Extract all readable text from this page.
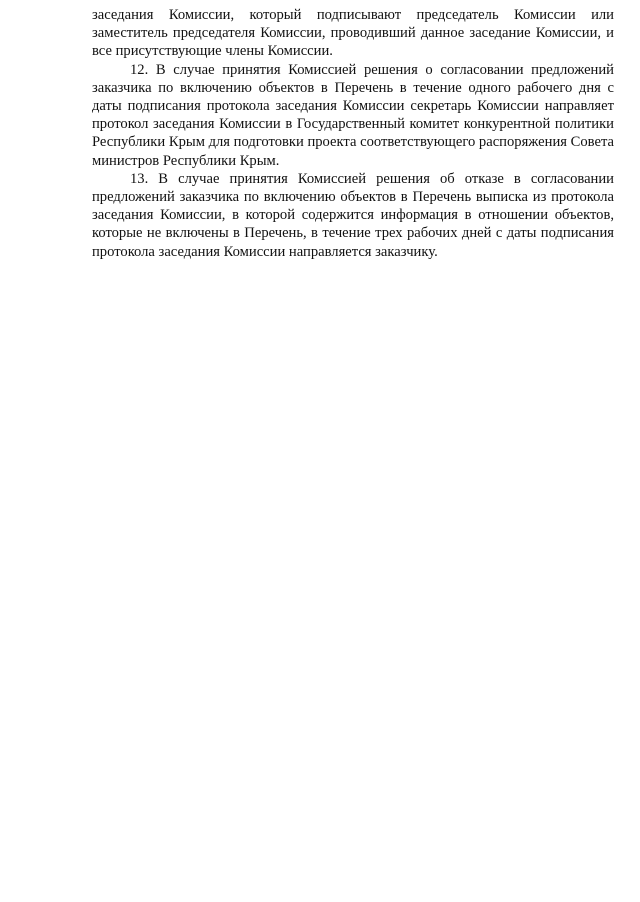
заседания Комиссии, который подписывают председатель Комиссии или заместитель председателя Комиссии, проводивший данное заседание Комиссии, и все присутствующие члены Комиссии.

12. В случае принятия Комиссией решения о согласовании предложений заказчика по включению объектов в Перечень в течение одного рабочего дня с даты подписания протокола заседания Комиссии секретарь Комиссии направляет протокол заседания Комиссии в Государственный комитет конкурентной политики Республики Крым для подготовки проекта соответствующего распоряжения Совета министров Республики Крым.

13. В случае принятия Комиссией решения об отказе в согласовании предложений заказчика по включению объектов в Перечень выписка из протокола заседания Комиссии, в которой содержится информация в отношении объектов, которые не включены в Перечень, в течение трех рабочих дней с даты подписания протокола заседания Комиссии направляется заказчику.
